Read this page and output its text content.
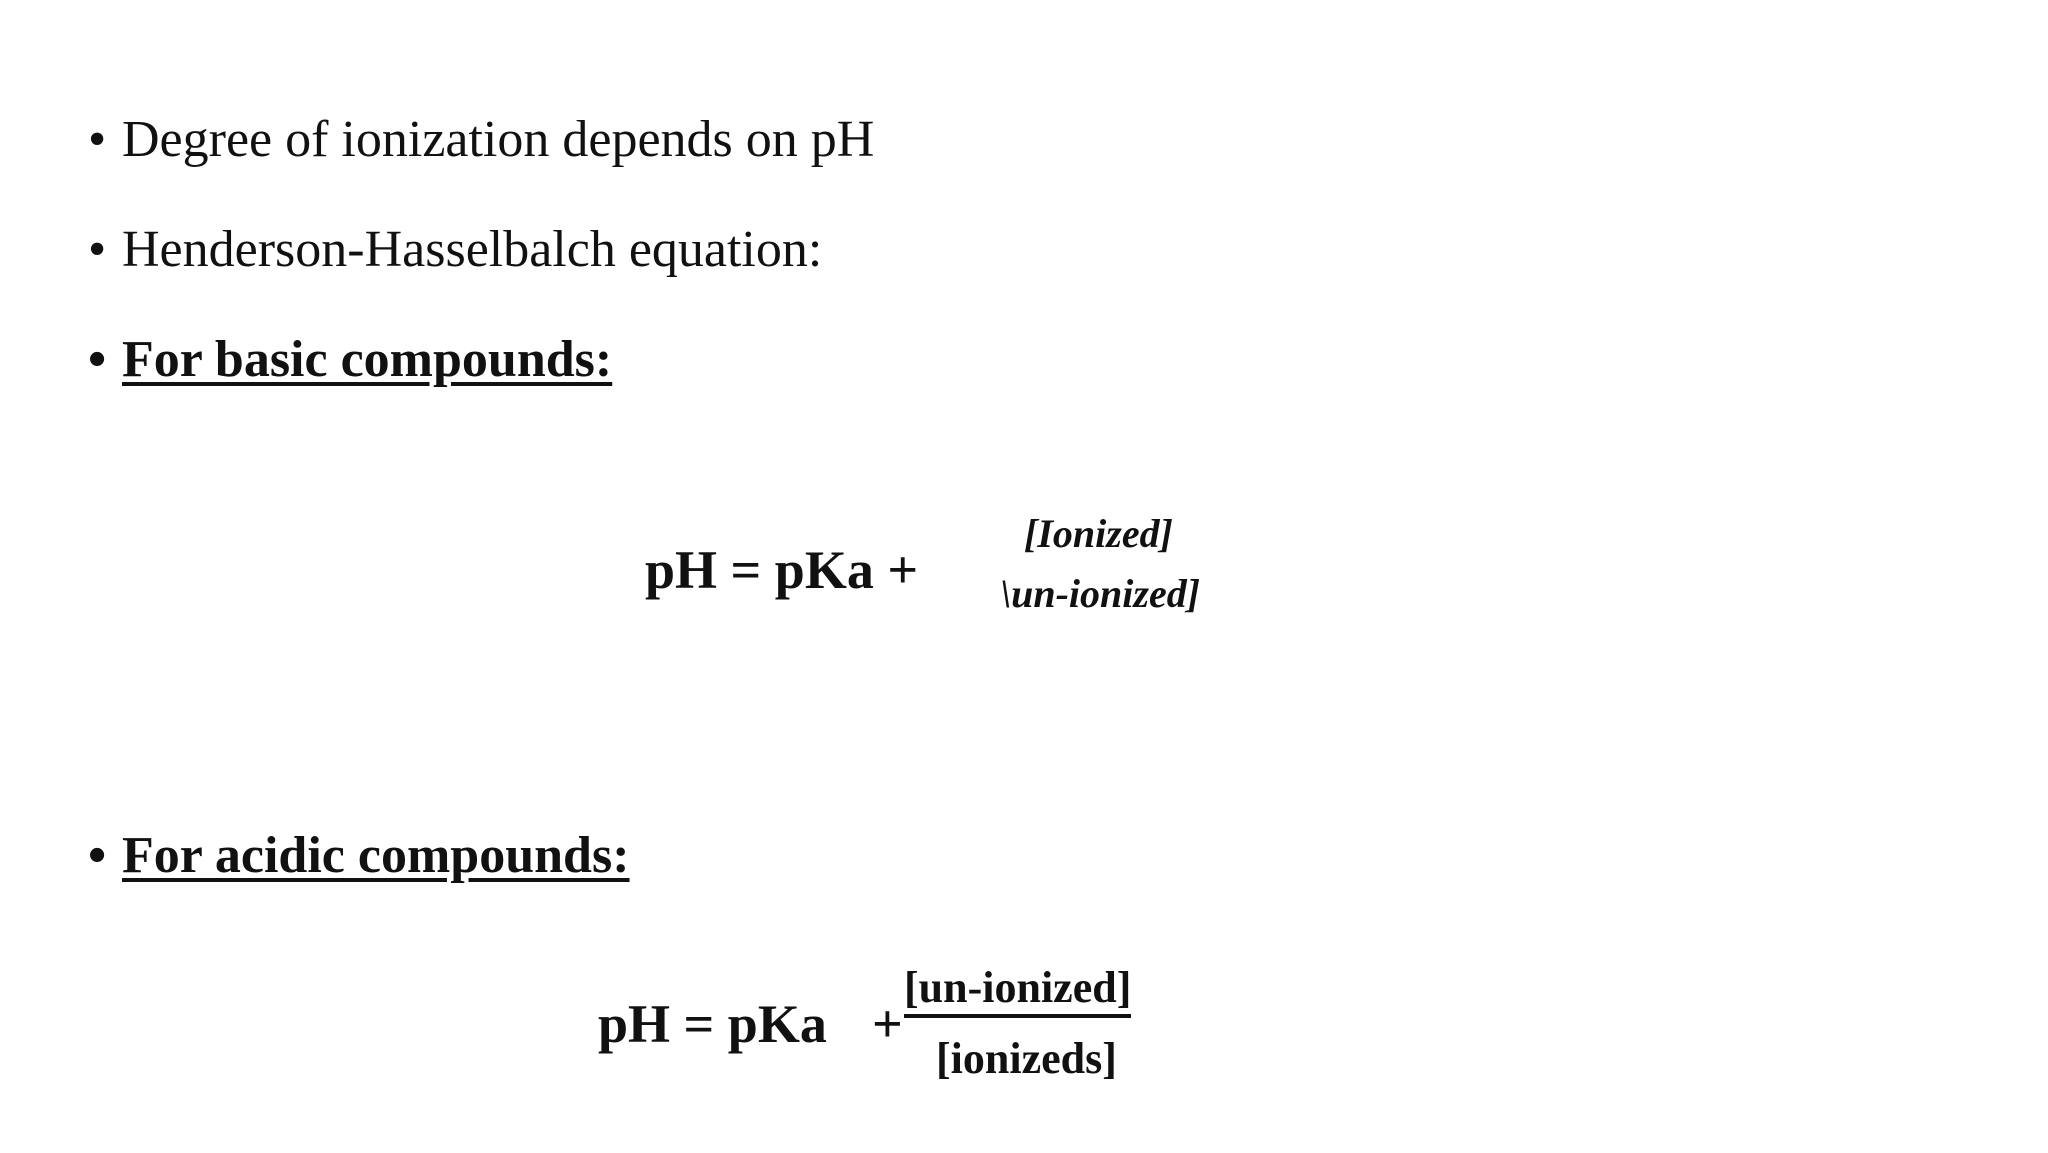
• Degree of ionization depends on pH
• Henderson-Hasselbalch equation:
• For basic compounds:
pH = pKa +
[Ionized]
\un-ionized]
• For acidic compounds:
pH = pKa +
[un-ionized]
[ionizeds]
